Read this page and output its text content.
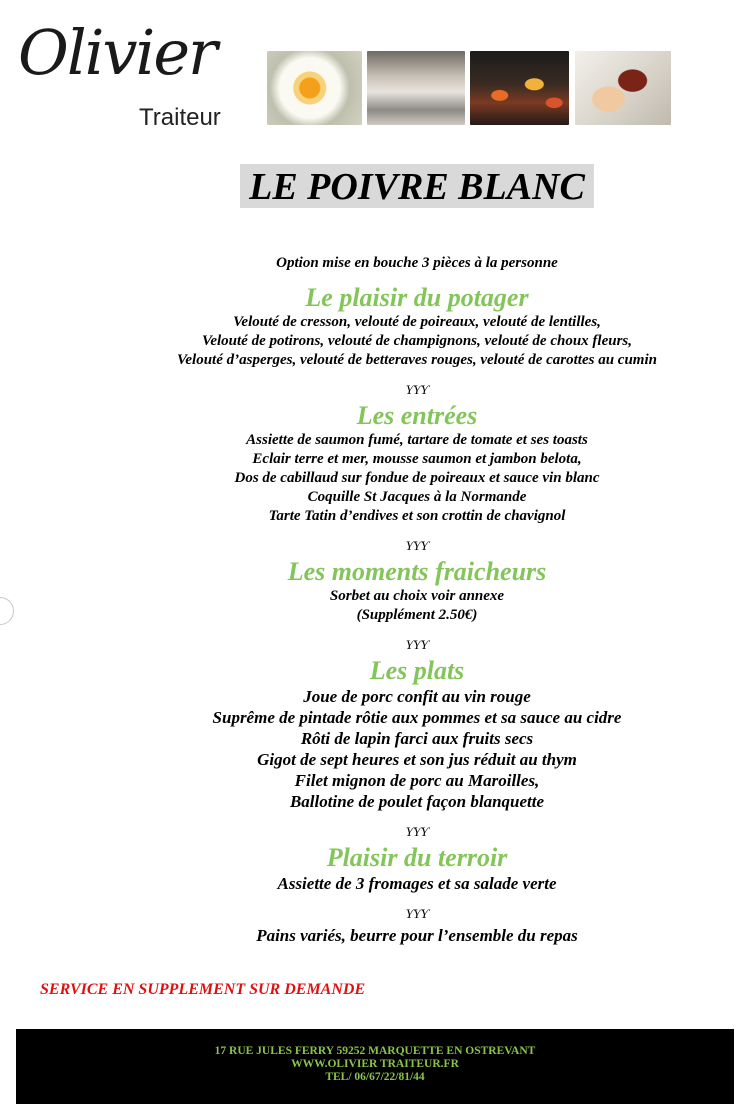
Olivier
Traiteur
LE POIVRE BLANC
Option mise en bouche 3 pièces à la personne
Le plaisir du potager
Velouté de cresson, velouté de poireaux, velouté de lentilles,
Velouté de potirons, velouté de champignons, velouté de choux fleurs,
Velouté d’asperges, velouté de betteraves rouges, velouté de carottes au cumin
ƳƳƳ
Les entrées
Assiette de saumon fumé, tartare de tomate et ses toasts
Eclair terre et mer, mousse saumon et jambon belota,
Dos de cabillaud sur fondue de poireaux et sauce vin blanc
Coquille St Jacques à la Normande
Tarte Tatin d’endives et son crottin de chavignol
ƳƳƳ
Les moments fraicheurs
Sorbet au choix voir annexe
(Supplément 2.50€)
ƳƳƳ
Les plats
Joue de porc confit au vin rouge
Suprême de pintade rôtie aux pommes et sa sauce au cidre
Rôti de lapin farci aux fruits secs
Gigot de sept heures et son jus réduit au thym
Filet mignon de porc au Maroilles,
Ballotine de poulet façon blanquette
ƳƳƳ
Plaisir du terroir
Assiette de 3 fromages et sa salade verte
ƳƳƳ
Pains variés, beurre pour l’ensemble du repas
SERVICE EN SUPPLEMENT SUR DEMANDE
17 RUE JULES FERRY 59252 MARQUETTE EN OSTREVANT
WWW.OLIVIER TRAITEUR.FR
TEL/ 06/67/22/81/44
